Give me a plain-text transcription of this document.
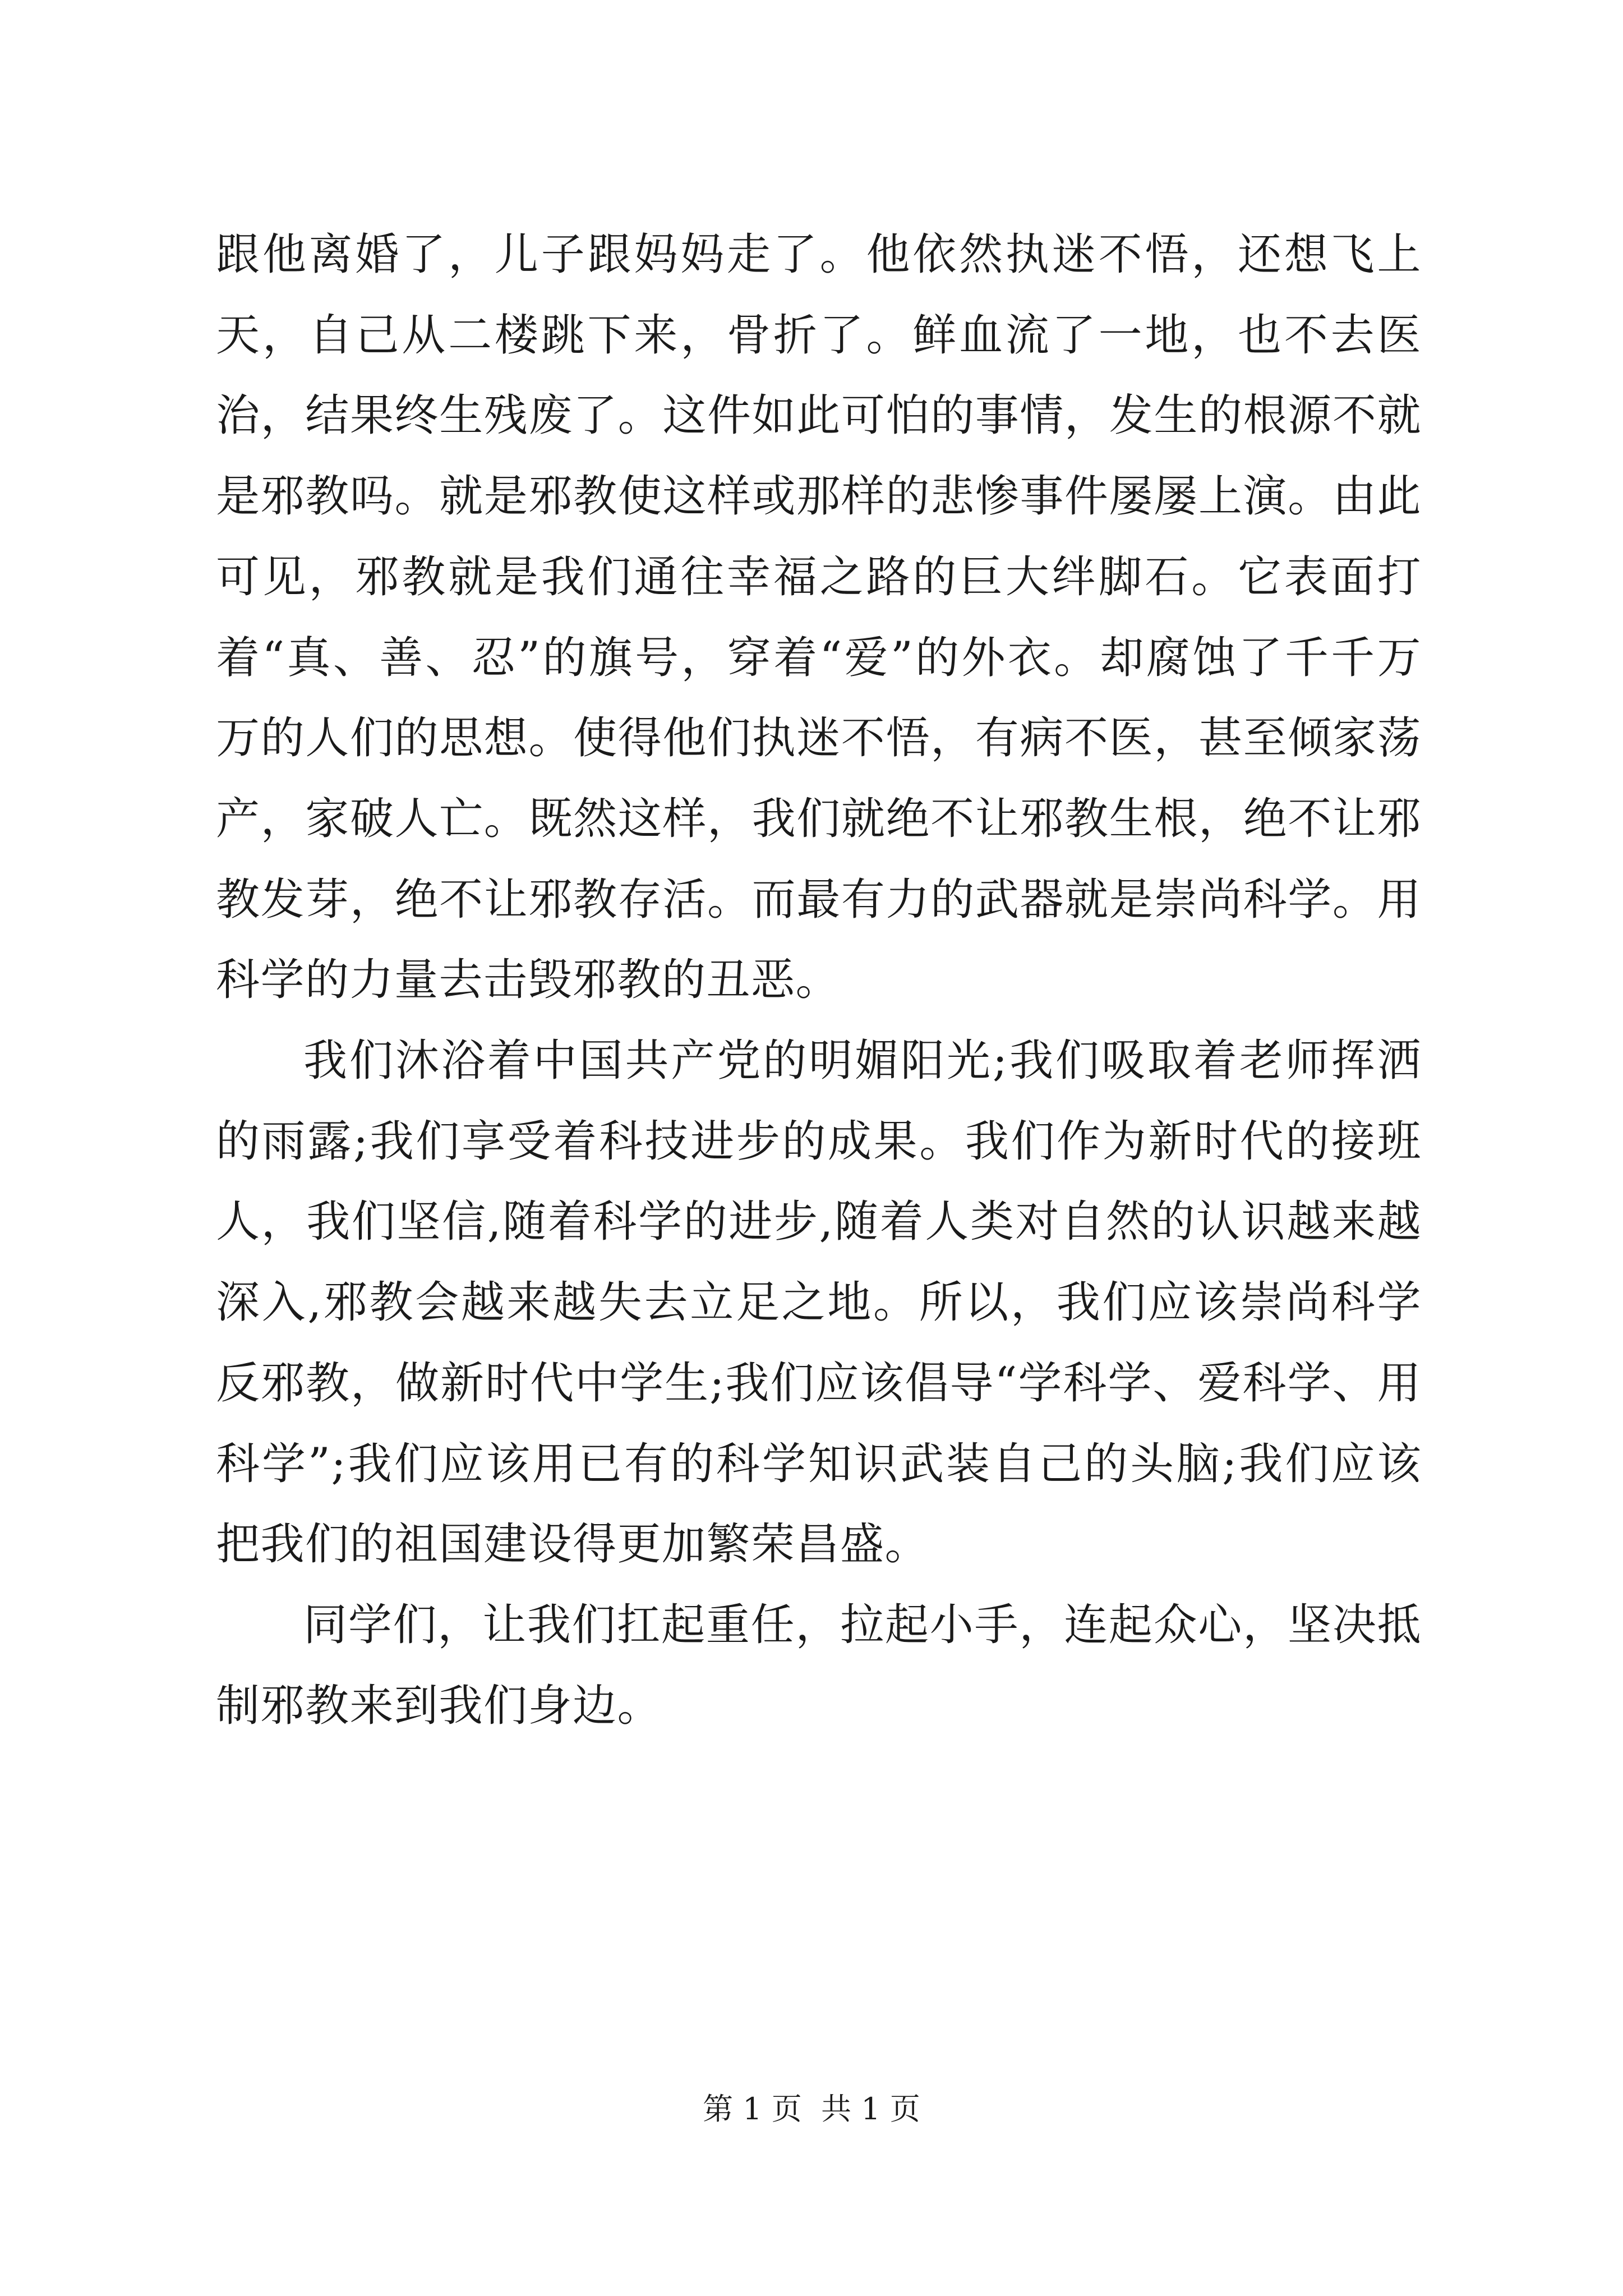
跟他离婚了，儿子跟妈妈走了。他依然执迷不悟，还想飞上天，自己从二楼跳下来，骨折了。鲜血流了一地，也不去医治，结果终生残废了。这件如此可怕的事情，发生的根源不就是邪教吗。就是邪教使这样或那样的悲惨事件屡屡上演。由此可见，邪教就是我们通往幸福之路的巨大绊脚石。它表面打着“真、善、忍”的旗号，穿着“爱”的外衣。却腐蚀了千千万万的人们的思想。使得他们执迷不悟，有病不医，甚至倾家荡产，家破人亡。既然这样，我们就绝不让邪教生根，绝不让邪教发芽，绝不让邪教存活。而最有力的武器就是崇尚科学。用科学的力量去击毁邪教的丑恶。

我们沐浴着中国共产党的明媚阳光;我们吸取着老师挥洒的雨露;我们享受着科技进步的成果。我们作为新时代的接班人，我们坚信,随着科学的进步,随着人类对自然的认识越来越深入,邪教会越来越失去立足之地。所以，我们应该崇尚科学反邪教，做新时代中学生;我们应该倡导“学科学、爱科学、用科学”;我们应该用已有的科学知识武装自己的头脑;我们应该把我们的祖国建设得更加繁荣昌盛。

同学们，让我们扛起重任，拉起小手，连起众心，坚决抵制邪教来到我们身边。

第 1 页  共 1 页
